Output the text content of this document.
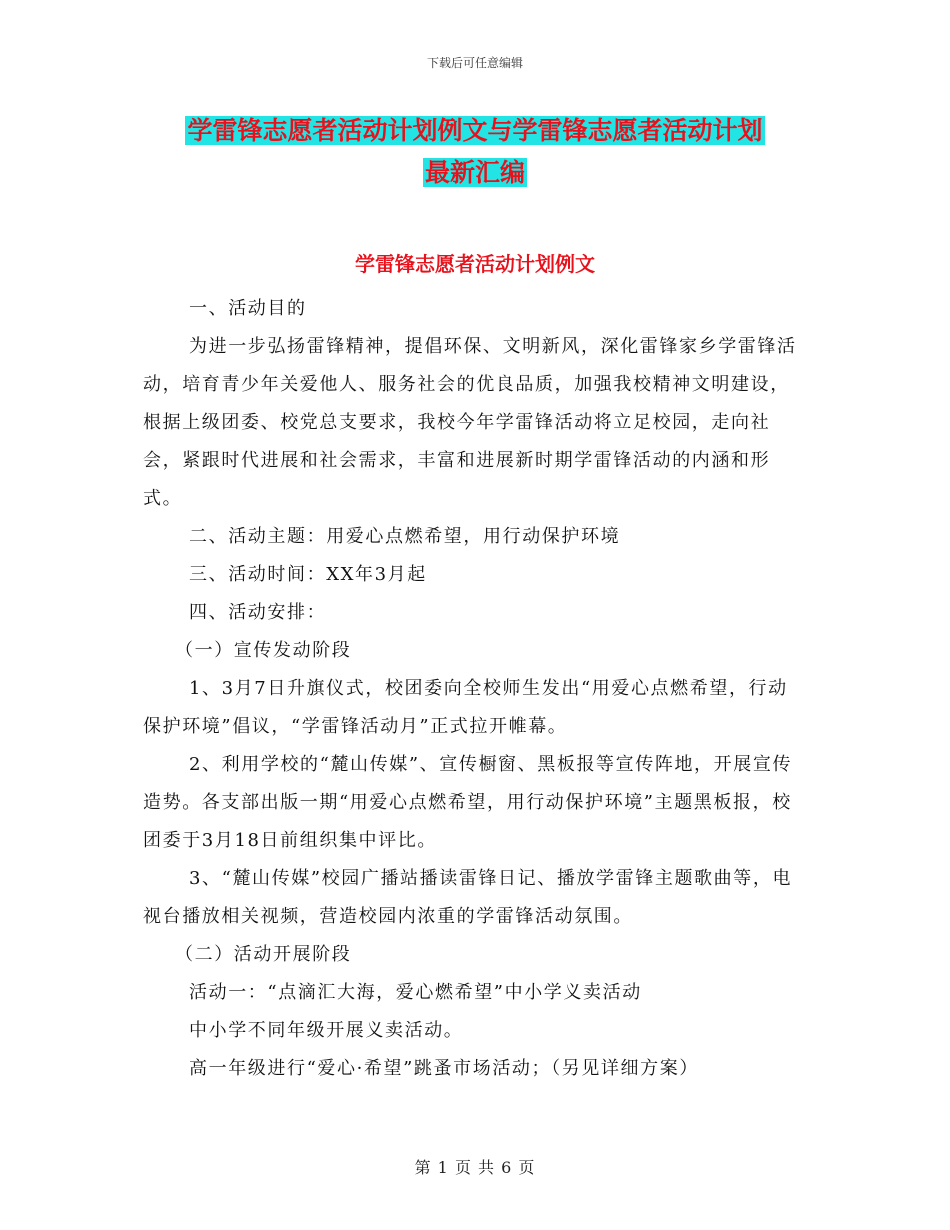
下载后可任意编辑
学雷锋志愿者活动计划例文与学雷锋志愿者活动计划
最新汇编
学雷锋志愿者活动计划例文

一、活动目的

为进一步弘扬雷锋精神，提倡环保、文明新风，深化雷锋家乡学雷锋活动，培育青少年关爱他人、服务社会的优良品质，加强我校精神文明建设，根据上级团委、校党总支要求，我校今年学雷锋活动将立足校园，走向社会，紧跟时代进展和社会需求，丰富和进展新时期学雷锋活动的内涵和形式。

二、活动主题：用爱心点燃希望，用行动保护环境

三、活动时间：XX年3月起

四、活动安排：

（一）宣传发动阶段

1、3月7日升旗仪式，校团委向全校师生发出“用爱心点燃希望，行动保护环境”倡议，“学雷锋活动月”正式拉开帷幕。

2、利用学校的“麓山传媒”、宣传橱窗、黑板报等宣传阵地，开展宣传造势。各支部出版一期“用爱心点燃希望，用行动保护环境”主题黑板报，校团委于3月18日前组织集中评比。

3、“麓山传媒”校园广播站播读雷锋日记、播放学雷锋主题歌曲等，电视台播放相关视频，营造校园内浓重的学雷锋活动氛围。

（二）活动开展阶段

活动一：“点滴汇大海，爱心燃希望”中小学义卖活动

中小学不同年级开展义卖活动。

高一年级进行“爱心·希望”跳蚤市场活动；（另见详细方案）

第 1 页 共 6 页
